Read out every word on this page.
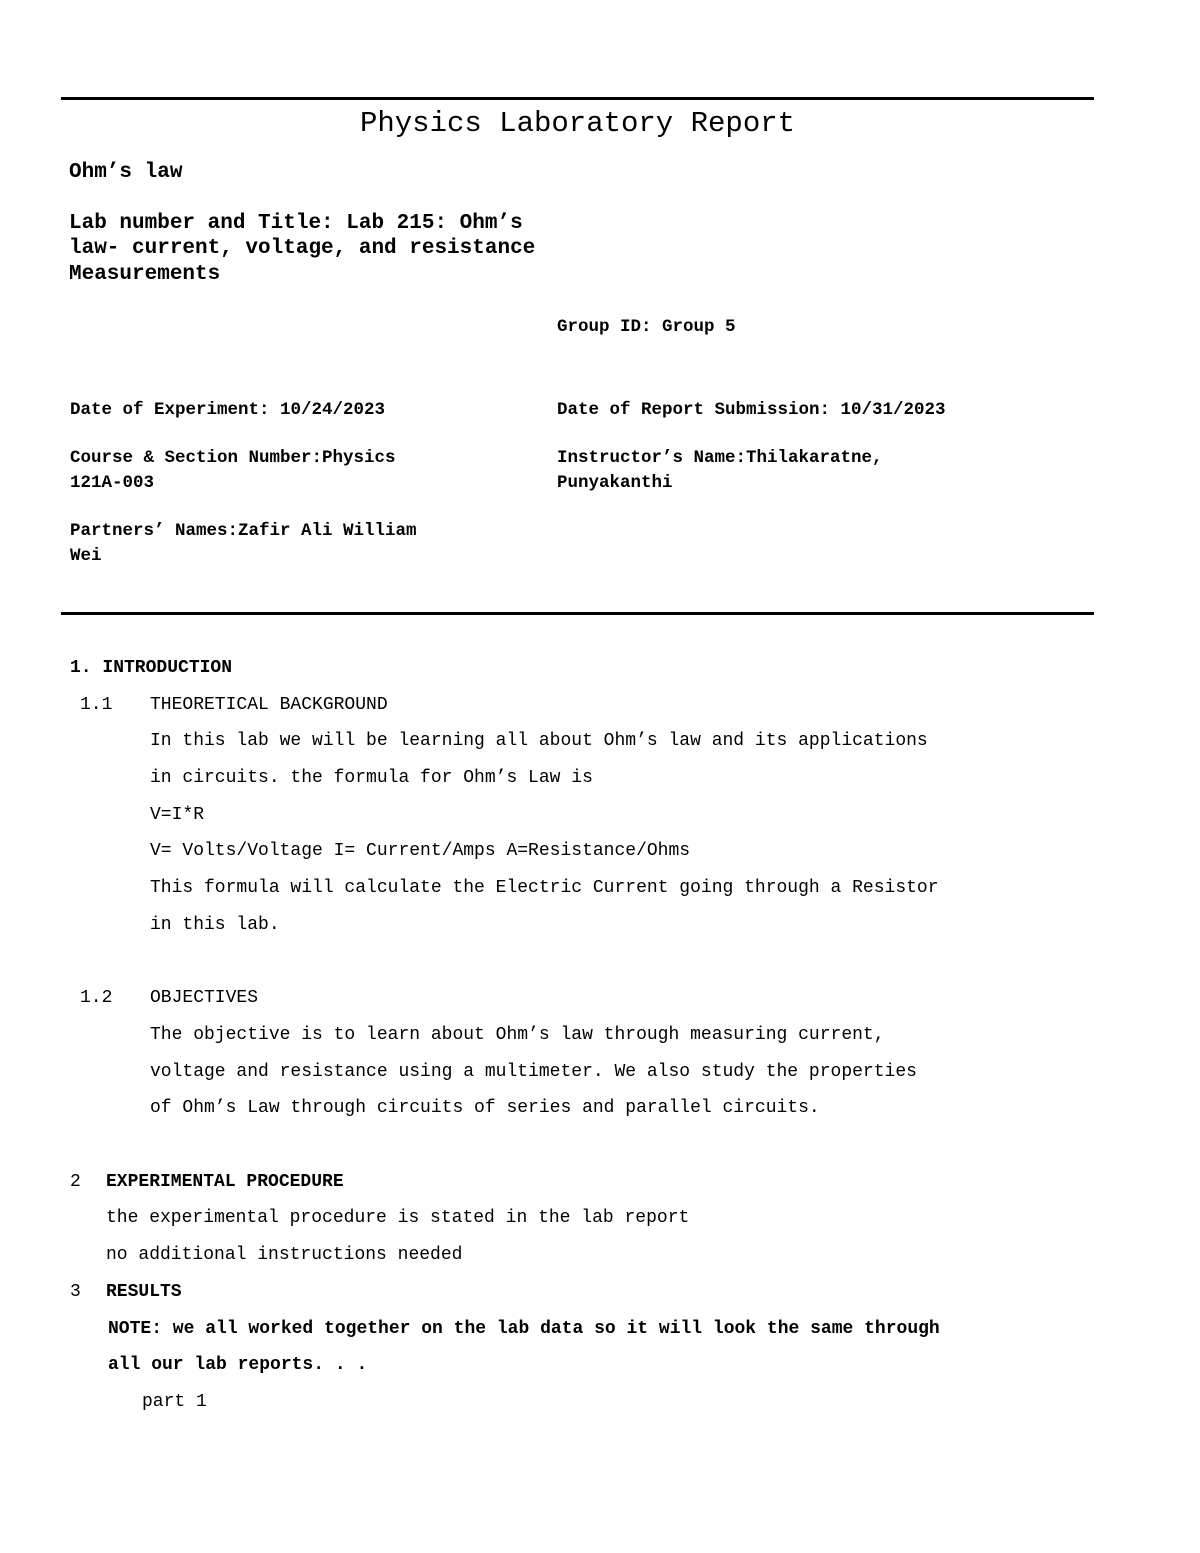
Physics Laboratory Report
Ohm’s law
Lab number and Title: Lab 215: Ohm’s
law- current, voltage, and resistance
Measurements
Group ID: Group 5
Date of Experiment: 10/24/2023	Date of Report Submission: 10/31/2023
Course & Section Number:Physics
121A-003
Instructor’s Name:Thilakaratne,
Punyakanthi
Partners’ Names:Zafir Ali William
Wei
1. INTRODUCTION
1.1 THEORETICAL BACKGROUND
In this lab we will be learning all about Ohm’s law and its applications
in circuits. the formula for Ohm’s Law is
V=I*R
V= Volts/Voltage I= Current/Amps A=Resistance/Ohms
This formula will calculate the Electric Current going through a Resistor
in this lab.
1.2 OBJECTIVES
The objective is to learn about Ohm’s law through measuring current,
voltage and resistance using a multimeter. We also study the properties
of Ohm’s Law through circuits of series and parallel circuits.
2 EXPERIMENTAL PROCEDURE
the experimental procedure is stated in the lab report
no additional instructions needed
3 RESULTS
NOTE: we all worked together on the lab data so it will look the same through
all our lab reports. . .
part 1
